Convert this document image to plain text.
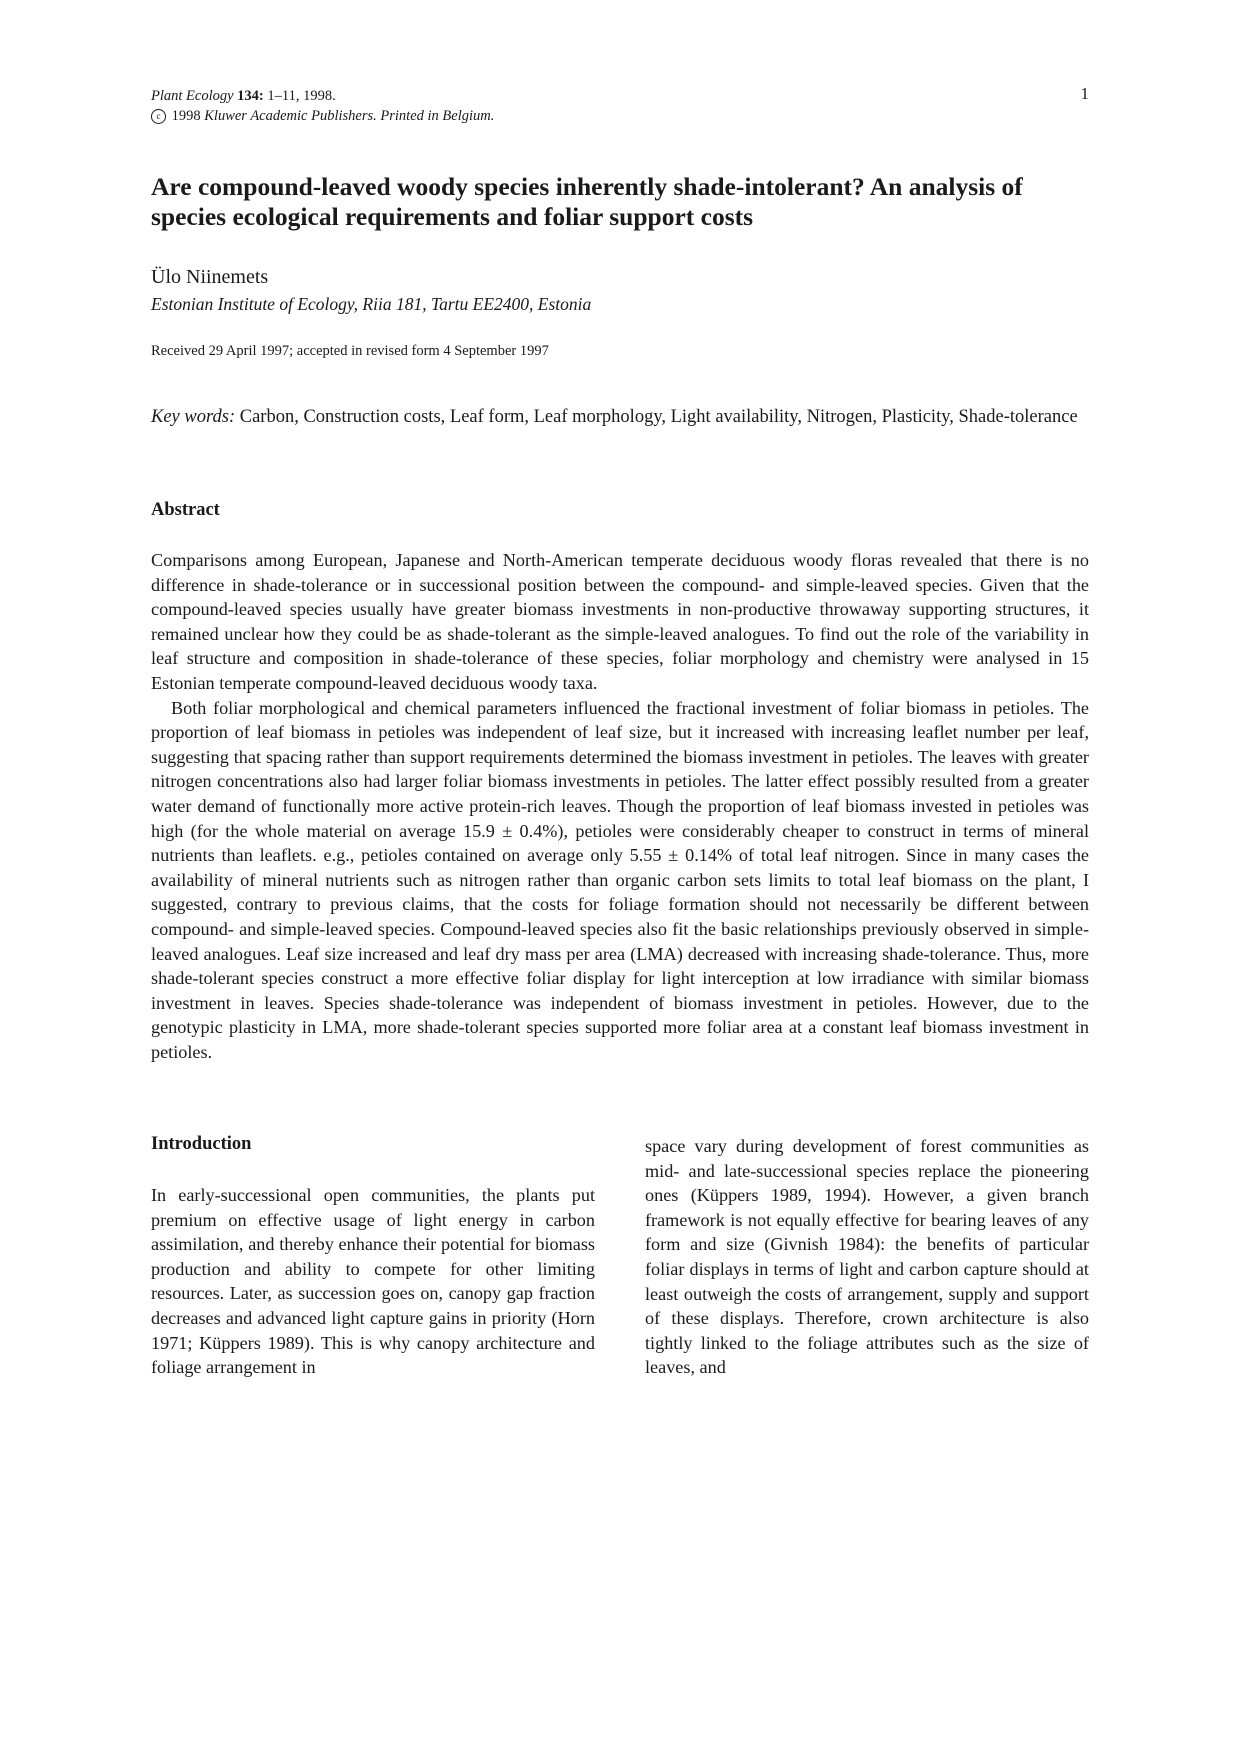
Plant Ecology 134: 1–11, 1998.
c 1998 Kluwer Academic Publishers. Printed in Belgium.
1
Are compound-leaved woody species inherently shade-intolerant? An analysis of species ecological requirements and foliar support costs
Ülo Niinemets
Estonian Institute of Ecology, Riia 181, Tartu EE2400, Estonia
Received 29 April 1997; accepted in revised form 4 September 1997
Key words: Carbon, Construction costs, Leaf form, Leaf morphology, Light availability, Nitrogen, Plasticity, Shade-tolerance
Abstract

Comparisons among European, Japanese and North-American temperate deciduous woody floras revealed that there is no difference in shade-tolerance or in successional position between the compound- and simple-leaved species. Given that the compound-leaved species usually have greater biomass investments in non-productive throwaway supporting structures, it remained unclear how they could be as shade-tolerant as the simple-leaved analogues. To find out the role of the variability in leaf structure and composition in shade-tolerance of these species, foliar morphology and chemistry were analysed in 15 Estonian temperate compound-leaved deciduous woody taxa.

Both foliar morphological and chemical parameters influenced the fractional investment of foliar biomass in petioles. The proportion of leaf biomass in petioles was independent of leaf size, but it increased with increasing leaflet number per leaf, suggesting that spacing rather than support requirements determined the biomass investment in petioles. The leaves with greater nitrogen concentrations also had larger foliar biomass investments in petioles. The latter effect possibly resulted from a greater water demand of functionally more active protein-rich leaves. Though the proportion of leaf biomass invested in petioles was high (for the whole material on average 15.9 ± 0.4%), petioles were considerably cheaper to construct in terms of mineral nutrients than leaflets. e.g., petioles contained on average only 5.55 ± 0.14% of total leaf nitrogen. Since in many cases the availability of mineral nutrients such as nitrogen rather than organic carbon sets limits to total leaf biomass on the plant, I suggested, contrary to previous claims, that the costs for foliage formation should not necessarily be different between compound- and simple-leaved species. Compound-leaved species also fit the basic relationships previously observed in simple-leaved analogues. Leaf size increased and leaf dry mass per area (LMA) decreased with increasing shade-tolerance. Thus, more shade-tolerant species construct a more effective foliar display for light interception at low irradiance with similar biomass investment in leaves. Species shade-tolerance was independent of biomass investment in petioles. However, due to the genotypic plasticity in LMA, more shade-tolerant species supported more foliar area at a constant leaf biomass investment in petioles.

Introduction

In early-successional open communities, the plants put premium on effective usage of light energy in carbon assimilation, and thereby enhance their potential for biomass production and ability to compete for other limiting resources. Later, as succession goes on, canopy gap fraction decreases and advanced light capture gains in priority (Horn 1971; Küppers 1989). This is why canopy architecture and foliage arrangement in

space vary during development of forest communities as mid- and late-successional species replace the pioneering ones (Küppers 1989, 1994). However, a given branch framework is not equally effective for bearing leaves of any form and size (Givnish 1984): the benefits of particular foliar displays in terms of light and carbon capture should at least outweigh the costs of arrangement, supply and support of these displays. Therefore, crown architecture is also tightly linked to the foliage attributes such as the size of leaves, and
